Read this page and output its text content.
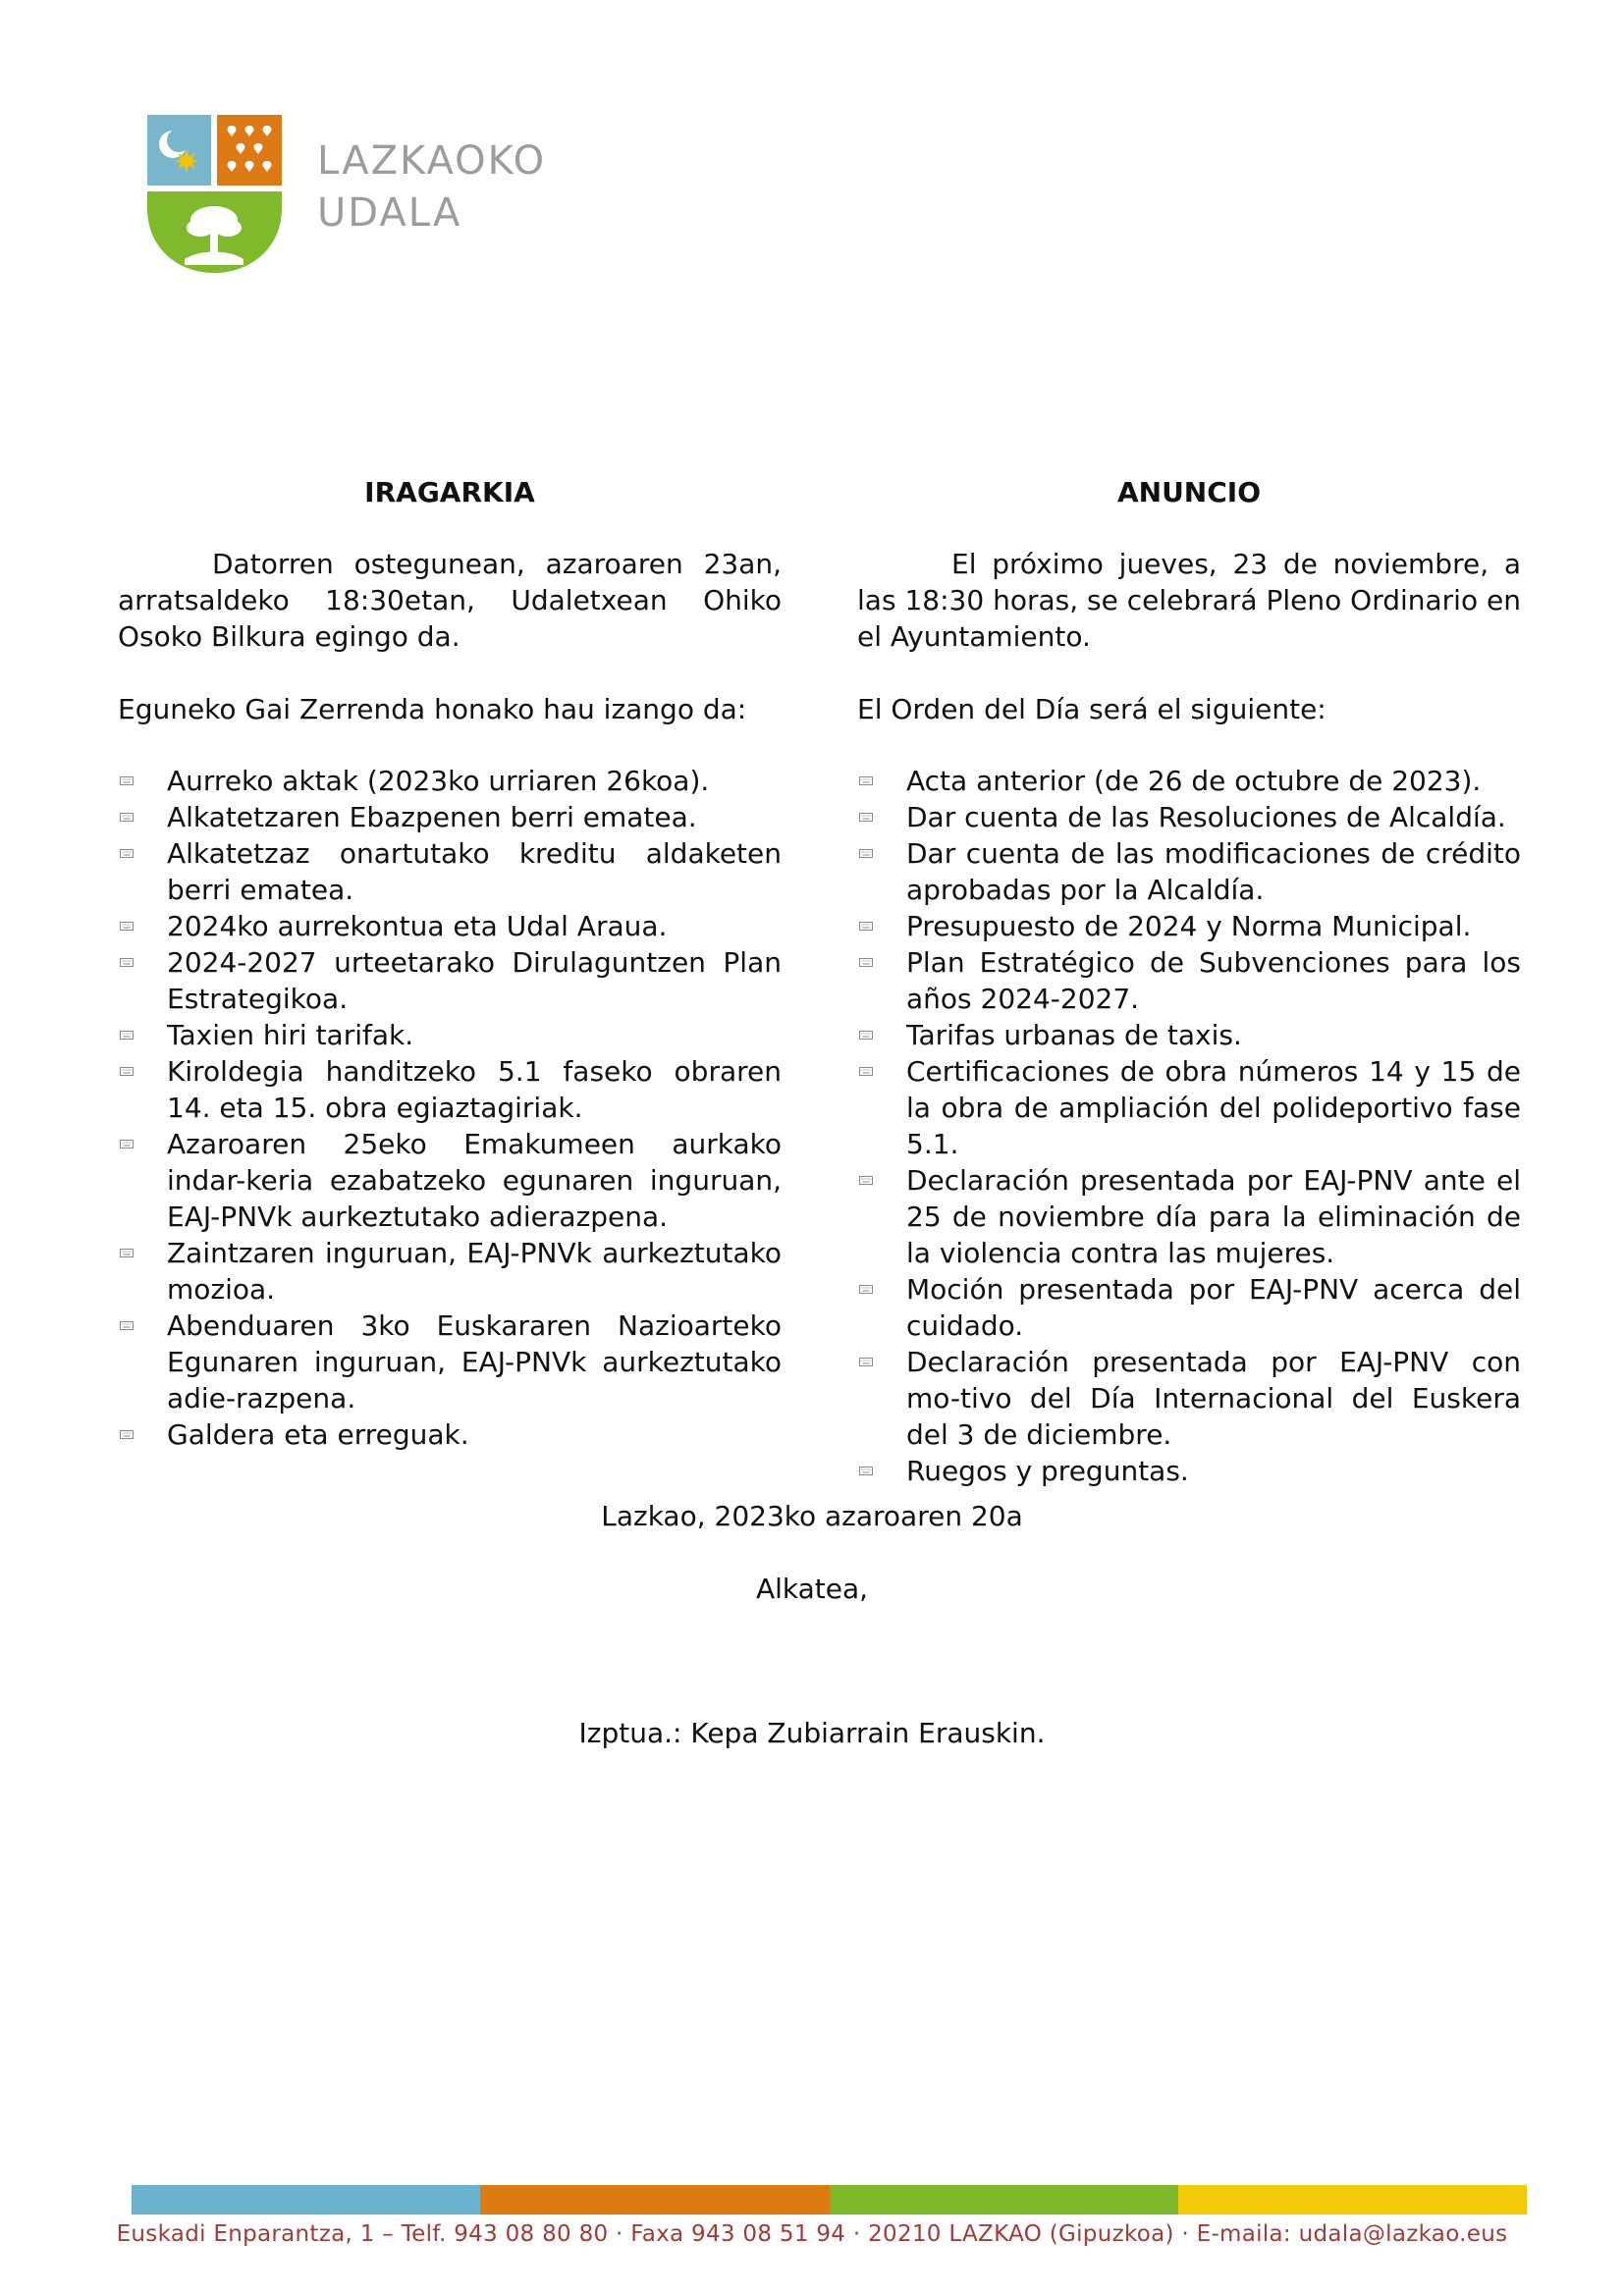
LAZKAOKO
UDALA
IRAGARKIA

Datorren ostegunean, azaroaren 23an, arratsaldeko 18:30etan, Udaletxean Ohiko Osoko Bilkura egingo da.

Eguneko Gai Zerrenda honako hau izango da:

Aurreko aktak (2023ko urriaren 26koa).
Alkatetzaren Ebazpenen berri ematea.
Alkatetzaz onartutako kreditu aldaketen berri ematea.
2024ko aurrekontua eta Udal Araua.
2024-2027 urteetarako Dirulaguntzen Plan Estrategikoa.
Taxien hiri tarifak.
Kiroldegia handitzeko 5.1 faseko obraren 14. eta 15. obra egiaztagiriak.
Azaroaren 25eko Emakumeen aurkako indar-keria ezabatzeko egunaren inguruan, EAJ-PNVk aurkeztutako adierazpena.
Zaintzaren inguruan, EAJ-PNVk aurkeztutako mozioa.
Abenduaren 3ko Euskararen Nazioarteko Egunaren inguruan, EAJ-PNVk aurkeztutako adie-razpena.
Galdera eta erreguak.
ANUNCIO

El próximo jueves, 23 de noviembre, a las 18:30 horas, se celebrará Pleno Ordinario en el Ayuntamiento.

El Orden del Día será el siguiente:

Acta anterior (de 26 de octubre de 2023).
Dar cuenta de las Resoluciones de Alcaldía.
Dar cuenta de las modificaciones de crédito aprobadas por la Alcaldía.
Presupuesto de 2024 y Norma Municipal.
Plan Estratégico de Subvenciones para los años 2024-2027.
Tarifas urbanas de taxis.
Certificaciones de obra números 14 y 15 de la obra de ampliación del polideportivo fase 5.1.
Declaración presentada por EAJ-PNV ante el 25 de noviembre día para la eliminación de la violencia contra las mujeres.
Moción presentada por EAJ-PNV acerca del cuidado.
Declaración presentada por EAJ-PNV con mo-tivo del Día Internacional del Euskera del 3 de diciembre.
Ruegos y preguntas.
Lazkao, 2023ko azaroaren 20a
Alkatea,
Izptua.: Kepa Zubiarrain Erauskin.
Euskadi Enparantza, 1 – Telf. 943 08 80 80 · Faxa 943 08 51 94 · 20210 LAZKAO (Gipuzkoa) · E-maila: udala@lazkao.eus
